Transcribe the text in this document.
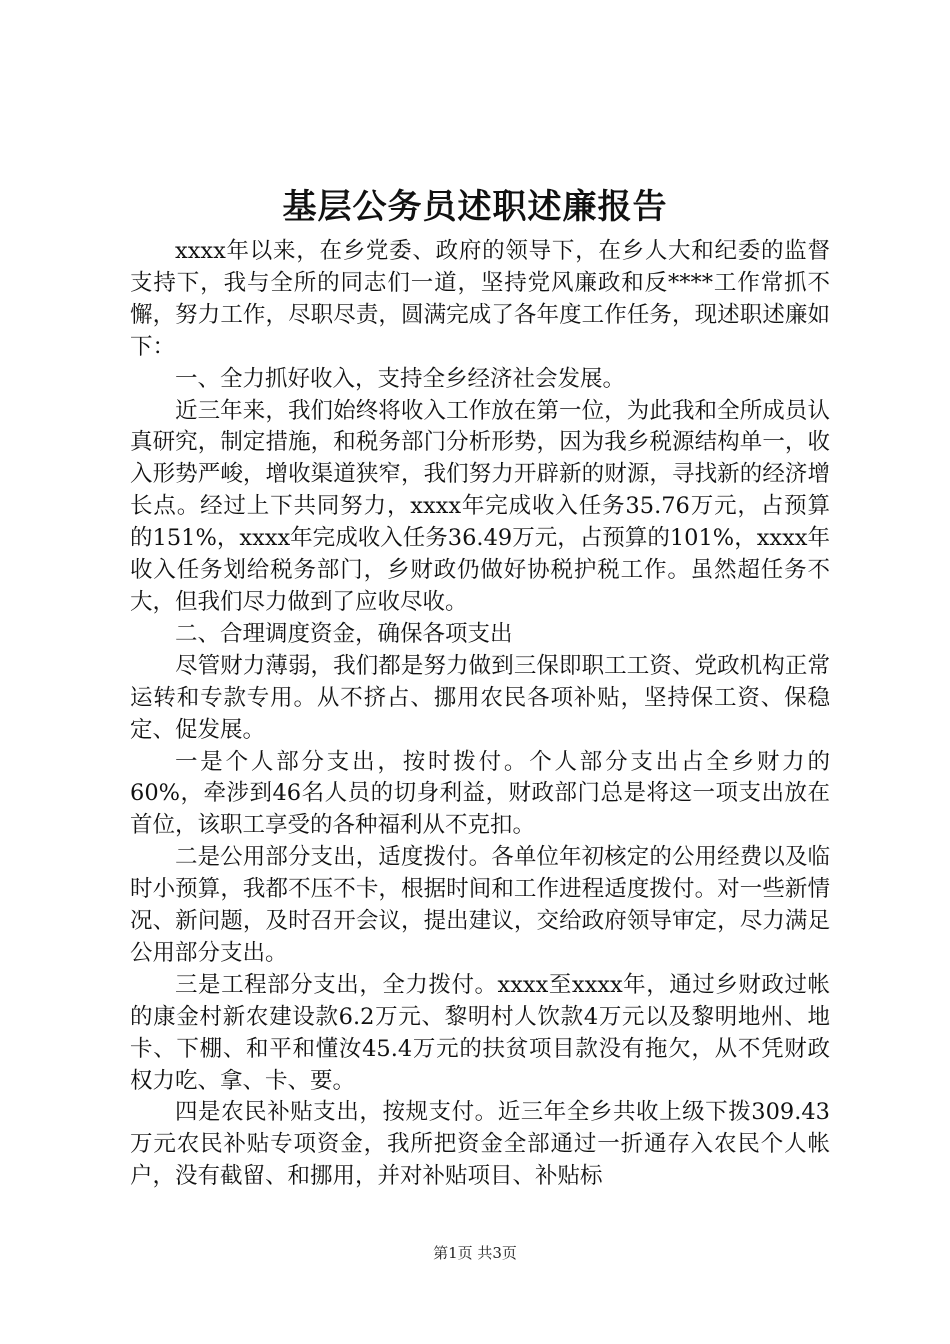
基层公务员述职述廉报告

xxxx年以来，在乡党委、政府的领导下，在乡人大和纪委的监督支持下，我与全所的同志们一道，坚持党风廉政和反****工作常抓不懈，努力工作，尽职尽责，圆满完成了各年度工作任务，现述职述廉如下：

一、全力抓好收入，支持全乡经济社会发展。

近三年来，我们始终将收入工作放在第一位，为此我和全所成员认真研究，制定措施，和税务部门分析形势，因为我乡税源结构单一，收入形势严峻，增收渠道狭窄，我们努力开辟新的财源，寻找新的经济增长点。经过上下共同努力，xxxx年完成收入任务35.76万元，占预算的151%，xxxx年完成收入任务36.49万元，占预算的101%，xxxx年收入任务划给税务部门，乡财政仍做好协税护税工作。虽然超任务不大，但我们尽力做到了应收尽收。

二、合理调度资金，确保各项支出

尽管财力薄弱，我们都是努力做到三保即职工工资、党政机构正常运转和专款专用。从不挤占、挪用农民各项补贴，坚持保工资、保稳定、促发展。

一是个人部分支出，按时拨付。个人部分支出占全乡财力的60%，牵涉到46名人员的切身利益，财政部门总是将这一项支出放在首位，该职工享受的各种福利从不克扣。

二是公用部分支出，适度拨付。各单位年初核定的公用经费以及临时小预算，我都不压不卡，根据时间和工作进程适度拨付。对一些新情况、新问题，及时召开会议，提出建议，交给政府领导审定，尽力满足公用部分支出。

三是工程部分支出，全力拨付。xxxx至xxxx年，通过乡财政过帐的康金村新农建设款6.2万元、黎明村人饮款4万元以及黎明地州、地卡、下棚、和平和懂汝45.4万元的扶贫项目款没有拖欠，从不凭财政权力吃、拿、卡、要。

四是农民补贴支出，按规支付。近三年全乡共收上级下拨309.43万元农民补贴专项资金，我所把资金全部通过一折通存入农民个人帐户，没有截留、和挪用，并对补贴项目、补贴标

第1页 共3页
